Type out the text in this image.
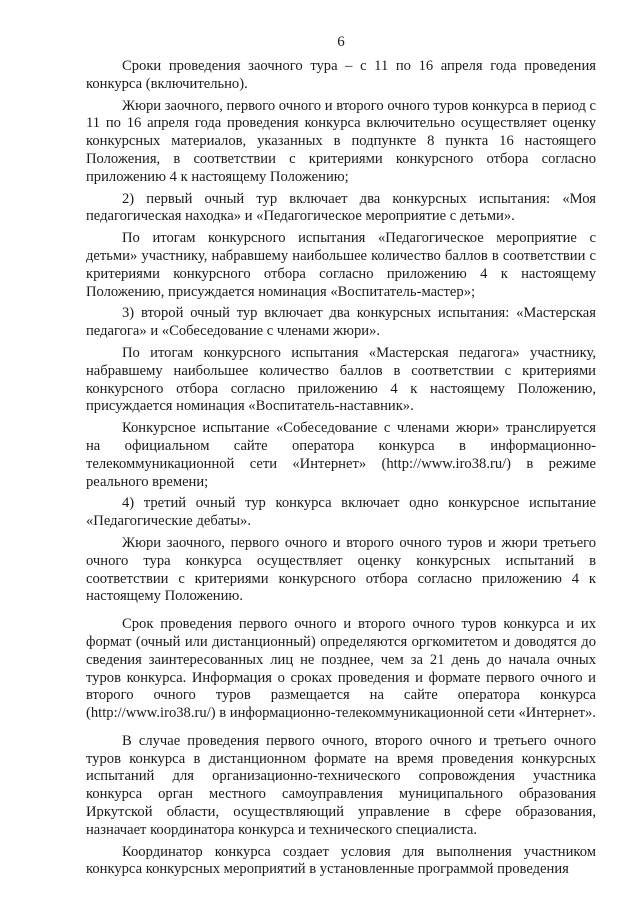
6

Сроки проведения заочного тура – с 11 по 16 апреля года проведения конкурса (включительно).

Жюри заочного, первого очного и второго очного туров конкурса в период с 11 по 16 апреля года проведения конкурса включительно осуществляет оценку конкурсных материалов, указанных в подпункте 8 пункта 16 настоящего Положения, в соответствии с критериями конкурсного отбора согласно приложению 4 к настоящему Положению;

2) первый очный тур включает два конкурсных испытания: «Моя педагогическая находка» и «Педагогическое мероприятие с детьми».

По итогам конкурсного испытания «Педагогическое мероприятие с детьми» участнику, набравшему наибольшее количество баллов в соответствии с критериями конкурсного отбора согласно приложению 4 к настоящему Положению, присуждается номинация «Воспитатель-мастер»;

3) второй очный тур включает два конкурсных испытания: «Мастерская педагога» и «Собеседование с членами жюри».

По итогам конкурсного испытания «Мастерская педагога» участнику, набравшему наибольшее количество баллов в соответствии с критериями конкурсного отбора согласно приложению 4 к настоящему Положению, присуждается номинация «Воспитатель-наставник».

Конкурсное испытание «Собеседование с членами жюри» транслируется на официальном сайте оператора конкурса в информационно-телекоммуникационной сети «Интернет» (http://www.iro38.ru/) в режиме реального времени;

4) третий очный тур конкурса включает одно конкурсное испытание «Педагогические дебаты».

Жюри заочного, первого очного и второго очного туров и жюри третьего очного тура конкурса осуществляет оценку конкурсных испытаний в соответствии с критериями конкурсного отбора согласно приложению 4 к настоящему Положению.

Срок проведения первого очного и второго очного туров конкурса и их формат (очный или дистанционный) определяются оргкомитетом и доводятся до сведения заинтересованных лиц не позднее, чем за 21 день до начала очных туров конкурса. Информация о сроках проведения и формате первого очного и второго очного туров размещается на сайте оператора конкурса (http://www.iro38.ru/) в информационно-телекоммуникационной сети «Интернет».

В случае проведения первого очного, второго очного и третьего очного туров конкурса в дистанционном формате на время проведения конкурсных испытаний для организационно-технического сопровождения участника конкурса орган местного самоуправления муниципального образования Иркутской области, осуществляющий управление в сфере образования, назначает координатора конкурса и технического специалиста.

Координатор конкурса создает условия для выполнения участником конкурса конкурсных мероприятий в установленные программой проведения
